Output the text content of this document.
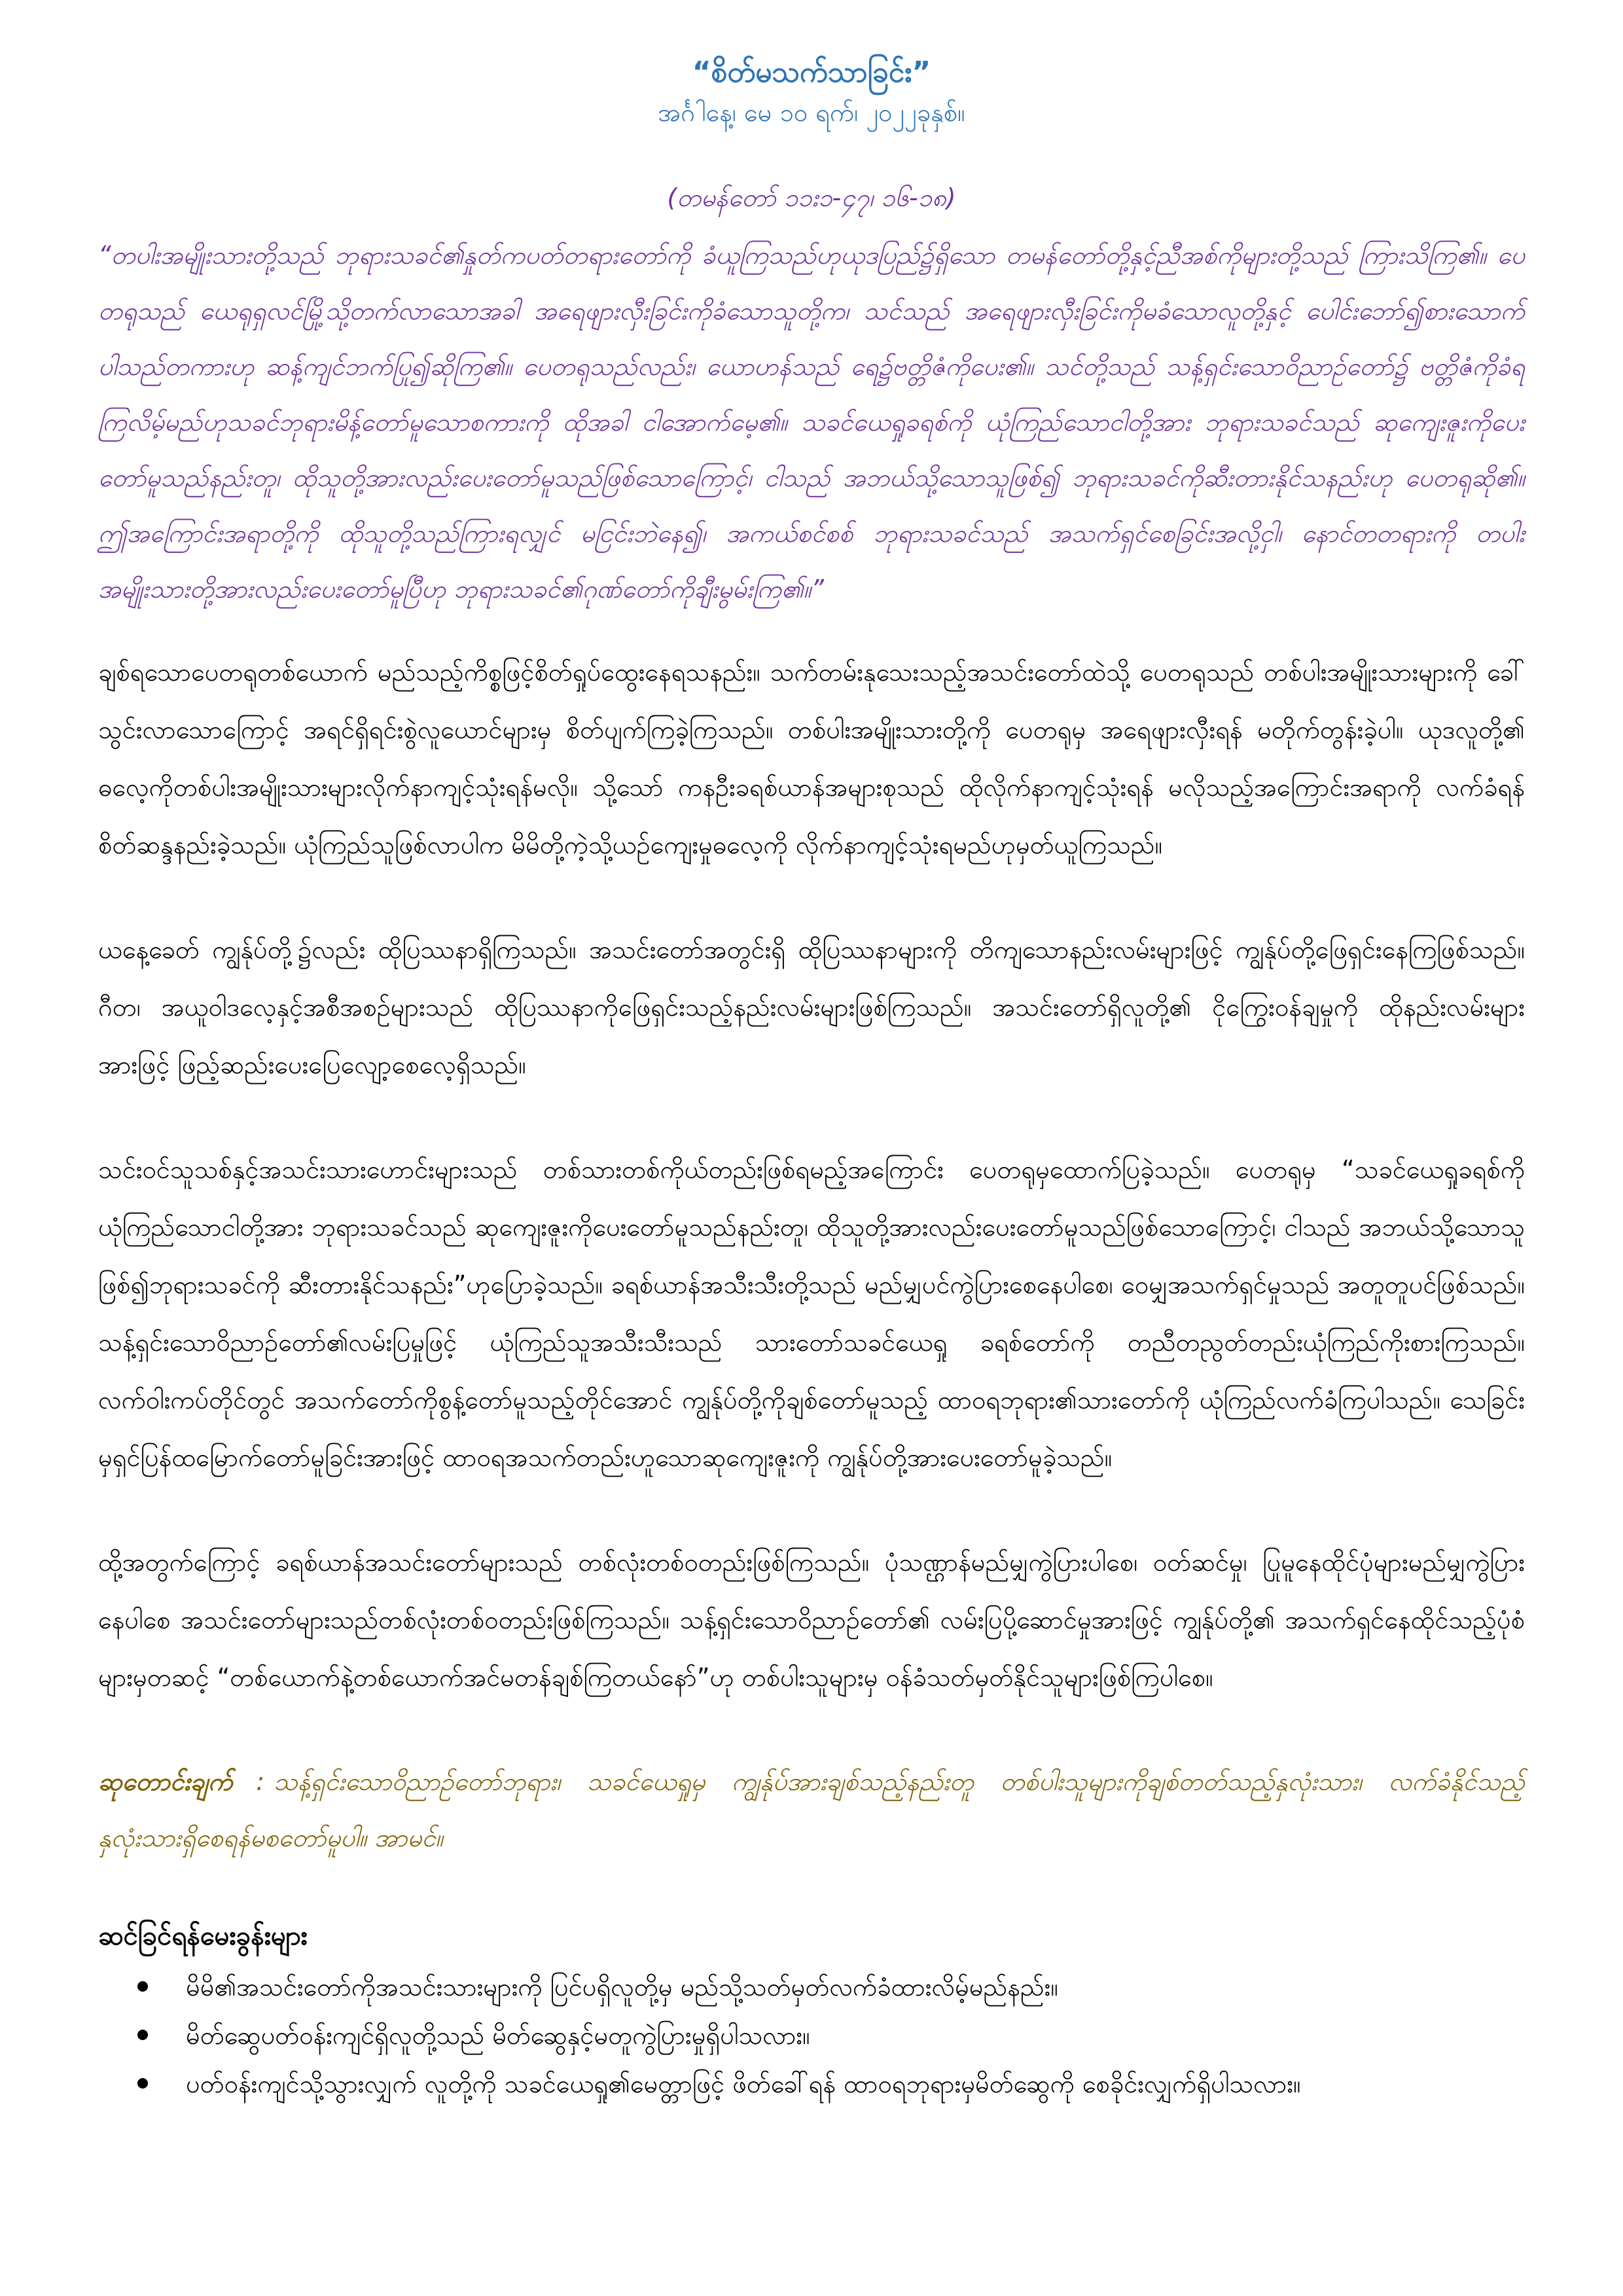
“စိတ်မသက်သာခြင်း”

အင်္ဂါနေ့၊ မေ ၁၀ ရက်၊ ၂၀၂၂ခုနှစ်။

(တမန်တော် ၁၁း၁-၄၇၊ ၁၆-၁၈)

“တပါးအမျိုးသားတို့သည် ဘုရားသခင်၏နှုတ်ကပတ်တရားတော်ကို ခံယူကြသည်ဟုယုဒပြည်၌ရှိသော တမန်တော်တို့နှင့်ညီအစ်ကိုများတို့သည် ကြားသိကြ၏။ ပေတရုသည် ယေရုရှလင်မြို့သို့တက်လာသောအခါ အရေဖျားလှီးခြင်းကိုခံသောသူတို့က၊ သင်သည် အရေဖျားလှီးခြင်းကိုမခံသောလူတို့နှင့် ပေါင်းဘော်၍စားသောက်ပါသည်တကားဟု ဆန့်ကျင်ဘက်ပြု၍ဆိုကြ၏။ ပေတရုသည်လည်း၊ ယောဟန်သည် ရေ၌ဗတ္တိဇံကိုပေး၏။ သင်တို့သည် သန့်ရှင်းသောဝိညာဉ်တော်၌ ဗတ္တိဇံကိုခံရကြလိမ့်မည်ဟုသခင်ဘုရားမိန့်တော်မူသောစကားကို ထိုအခါ ငါအောက်မေ့၏။ သခင်ယေရှုခရစ်ကို ယုံကြည်သောငါတို့အား ဘုရားသခင်သည် ဆုကျေးဇူးကိုပေးတော်မူသည်နည်းတူ၊ ထိုသူတို့အားလည်းပေးတော်မူသည်ဖြစ်သောကြောင့်၊ ငါသည် အဘယ်သို့သောသူဖြစ်၍ ဘုရားသခင်ကိုဆီးတားနိုင်သနည်းဟု ပေတရုဆို၏။ ဤအကြောင်းအရာတို့ကို ထိုသူတို့သည်ကြားရလျှင် မငြင်းဘဲနေ၍၊ အကယ်စင်စစ် ဘုရားသခင်သည် အသက်ရှင်စေခြင်းအလို့ငှါ၊ နောင်တတရားကို တပါးအမျိုးသားတို့အားလည်းပေးတော်မူပြီဟု ဘုရားသခင်၏ဂုဏ်တော်ကိုချီးမွမ်းကြ၏။”

ချစ်ရသောပေတရုတစ်ယောက် မည်သည့်ကိစ္စဖြင့်စိတ်ရှုပ်ထွေးနေရသနည်း။ သက်တမ်းနုသေးသည့်အသင်းတော်ထဲသို့ ပေတရုသည် တစ်ပါးအမျိုးသားများကို ခေါ်သွင်းလာသောကြောင့် အရင်ရှိရင်းစွဲလူယောင်များမှ စိတ်ပျက်ကြခဲ့ကြသည်။ တစ်ပါးအမျိုးသားတို့ကို ပေတရုမှ အရေဖျားလှီးရန် မတိုက်တွန်းခဲ့ပါ။ ယုဒလူတို့၏ ဓလေ့ကိုတစ်ပါးအမျိုးသားများလိုက်နာကျင့်သုံးရန်မလို။ သို့သော် ကနဦးခရစ်ယာန်အများစုသည် ထိုလိုက်နာကျင့်သုံးရန် မလိုသည့်အကြောင်းအရာကို လက်ခံရန်စိတ်ဆန္ဒနည်းခဲ့သည်။ ယုံကြည်သူဖြစ်လာပါက မိမိတို့ကဲ့သို့ယဉ်ကျေးမှုဓလေ့ကို လိုက်နာကျင့်သုံးရမည်ဟုမှတ်ယူကြသည်။

ယနေ့ခေတ် ကျွန်ုပ်တို့၌လည်း ထိုပြဿနာရှိကြသည်။ အသင်းတော်အတွင်းရှိ ထိုပြဿနာများကို တိကျသောနည်းလမ်းများဖြင့် ကျွန်ုပ်တို့ဖြေရှင်းနေကြဖြစ်သည်။ ဂီတ၊ အယူဝါဒလေ့နှင့်အစီအစဉ်များသည် ထိုပြဿနာကိုဖြေရှင်းသည့်နည်းလမ်းများဖြစ်ကြသည်။ အသင်းတော်ရှိလူတို့၏ ငိုကြွေးဝန်ချမှုကို ထိုနည်းလမ်းများအားဖြင့် ဖြည့်ဆည်းပေးပြေလျော့စေလေ့ရှိသည်။

သင်းဝင်သူသစ်နှင့်အသင်းသားဟောင်းများသည် တစ်သားတစ်ကိုယ်တည်းဖြစ်ရမည့်အကြောင်း ပေတရုမှထောက်ပြခဲ့သည်။ ပေတရုမှ “သခင်ယေရှုခရစ်ကို ယုံကြည်သောငါတို့အား ဘုရားသခင်သည် ဆုကျေးဇူးကိုပေးတော်မူသည်နည်းတူ၊ ထိုသူတို့အားလည်းပေးတော်မူသည်ဖြစ်သောကြောင့်၊ ငါသည် အဘယ်သို့သောသူဖြစ်၍ဘုရားသခင်ကို ဆီးတားနိုင်သနည်း”ဟုပြောခဲ့သည်။ ခရစ်ယာန်အသီးသီးတို့သည် မည်မျှပင်ကွဲပြားစေနေပါစေ၊ ဝေမျှအသက်ရှင်မှုသည် အတူတူပင်ဖြစ်သည်။ သန့်ရှင်းသောဝိညာဉ်တော်၏လမ်းပြမှုဖြင့် ယုံကြည်သူအသီးသီးသည် သားတော်သခင်ယေရှု ခရစ်တော်ကို တညီတညွတ်တည်းယုံကြည်ကိုးစားကြသည်။ လက်ဝါးကပ်တိုင်တွင် အသက်တော်ကိုစွန့်တော်မူသည့်တိုင်အောင် ကျွန်ုပ်တို့ကိုချစ်တော်မူသည့် ထာဝရဘုရား၏သားတော်ကို ယုံကြည်လက်ခံကြပါသည်။ သေခြင်းမှရှင်ပြန်ထမြောက်တော်မူခြင်းအားဖြင့် ထာဝရအသက်တည်းဟူသောဆုကျေးဇူးကို ကျွန်ုပ်တို့အားပေးတော်မူခဲ့သည်။

ထို့အတွက်ကြောင့် ခရစ်ယာန်အသင်းတော်များသည် တစ်လုံးတစ်ဝတည်းဖြစ်ကြသည်။ ပုံသဏ္ဌာန်မည်မျှကွဲပြားပါစေ၊ ဝတ်ဆင်မှု၊ ပြုမူနေထိုင်ပုံများမည်မျှကွဲပြားနေပါစေ အသင်းတော်များသည်တစ်လုံးတစ်ဝတည်းဖြစ်ကြသည်။ သန့်ရှင်းသောဝိညာဉ်တော်၏ လမ်းပြပို့ဆောင်မှုအားဖြင့် ကျွန်ုပ်တို့၏ အသက်ရှင်နေထိုင်သည့်ပုံစံများမှတဆင့် “တစ်ယောက်နဲ့တစ်ယောက်အင်မတန်ချစ်ကြတယ်နော်”ဟု တစ်ပါးသူများမှ ဝန်ခံသတ်မှတ်နိုင်သူများဖြစ်ကြပါစေ။

ဆုတောင်းချက် : သန့်ရှင်းသောဝိညာဉ်တော်ဘုရား၊ သခင်ယေရှုမှ ကျွန်ုပ်အားချစ်သည့်နည်းတူ တစ်ပါးသူများကိုချစ်တတ်သည့်နှလုံးသား၊ လက်ခံနိုင်သည့်နှလုံးသားရှိစေရန်မစတော်မူပါ။ အာမင်။

ဆင်ခြင်ရန်မေးခွန်းများ
မိမိ၏အသင်းတော်ကိုအသင်းသားများကို ပြင်ပရှိလူတို့မှ မည်သို့သတ်မှတ်လက်ခံထားလိမ့်မည်နည်း။
မိတ်ဆွေပတ်ဝန်းကျင်ရှိလူတို့သည် မိတ်ဆွေနှင့်မတူကွဲပြားမှုရှိပါသလား။
ပတ်ဝန်းကျင်သို့သွားလျှက် လူတို့ကို သခင်ယေရှု၏မေတ္တာဖြင့် ဖိတ်ခေါ်ရန် ထာဝရဘုရားမှမိတ်ဆွေကို စေခိုင်းလျှက်ရှိပါသလား။
